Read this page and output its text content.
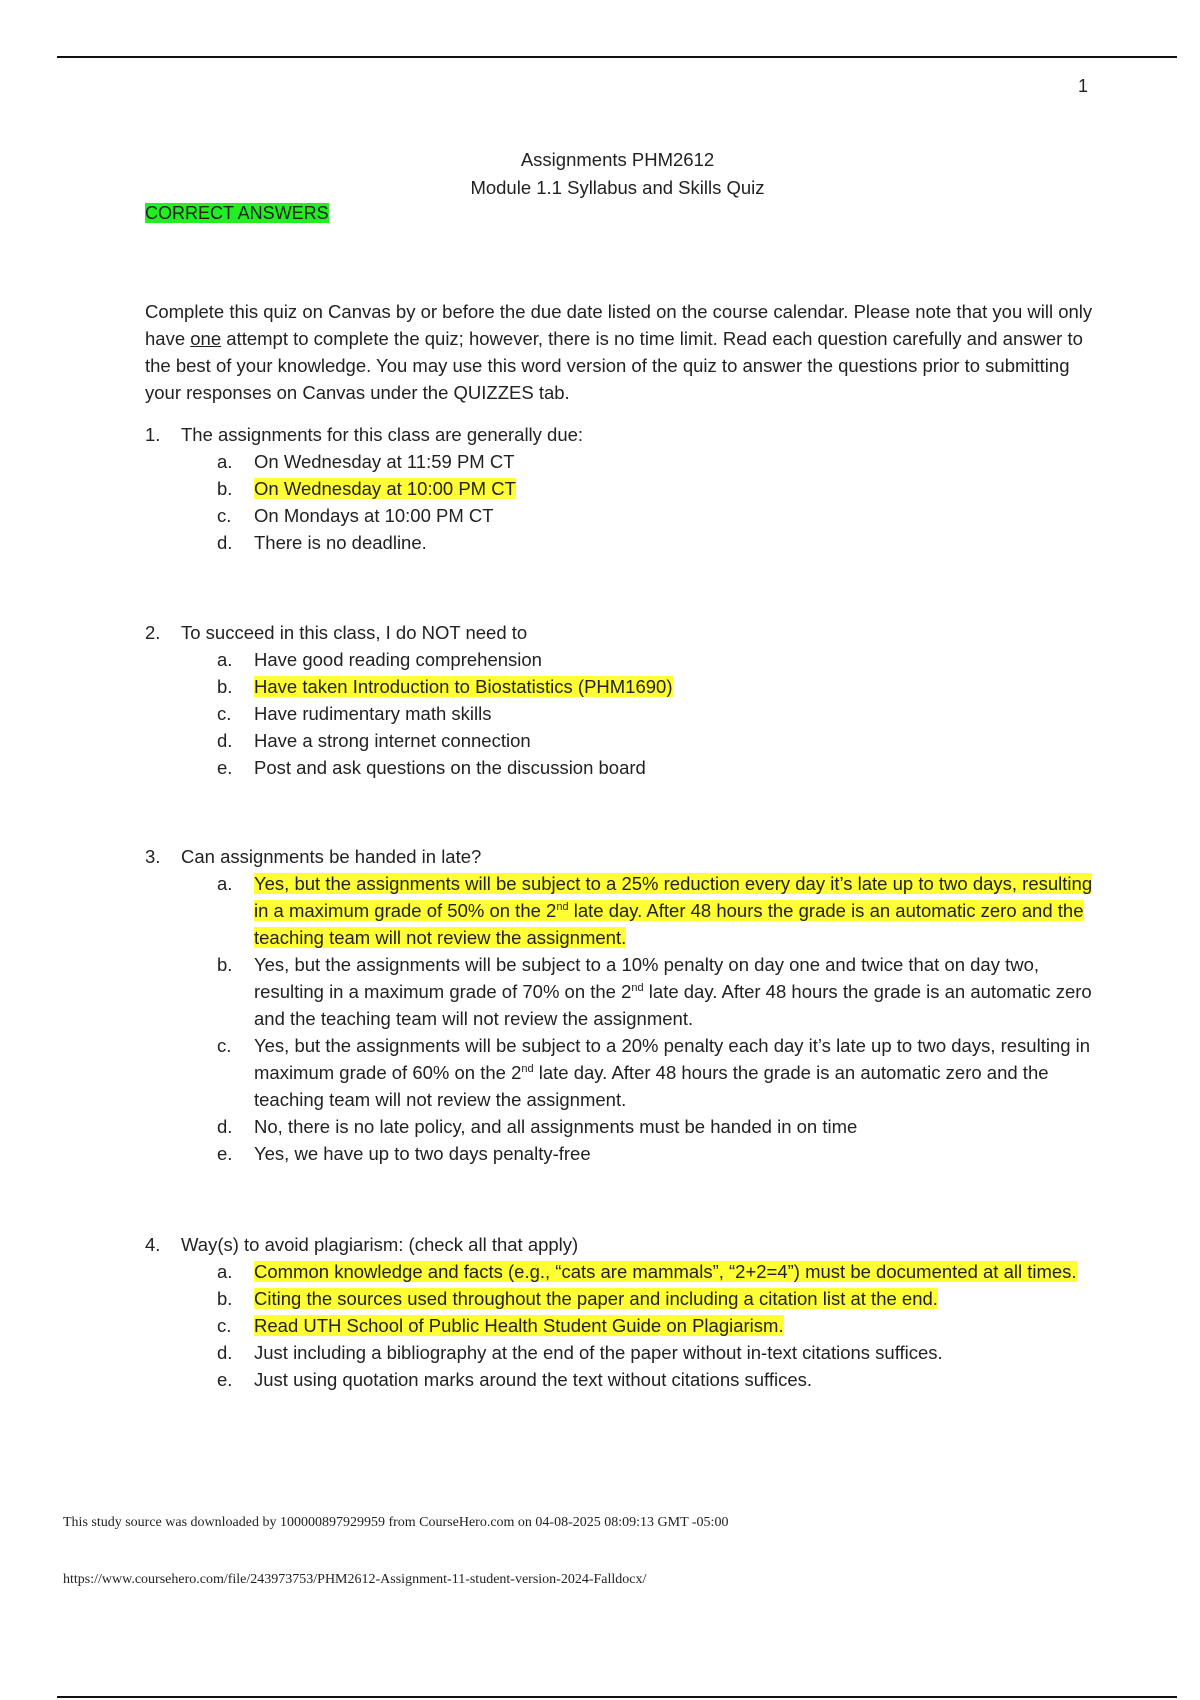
1
Assignments PHM2612
Module 1.1 Syllabus and Skills Quiz
CORRECT ANSWERS

Complete this quiz on Canvas by or before the due date listed on the course calendar. Please note that you will only have one attempt to complete the quiz; however, there is no time limit. Read each question carefully and answer to the best of your knowledge. You may use this word version of the quiz to answer the questions prior to submitting your responses on Canvas under the QUIZZES tab.

1. The assignments for this class are generally due:
a. On Wednesday at 11:59 PM CT
b. On Wednesday at 10:00 PM CT
c. On Mondays at 10:00 PM CT
d. There is no deadline.
2. To succeed in this class, I do NOT need to
a. Have good reading comprehension
b. Have taken Introduction to Biostatistics (PHM1690)
c. Have rudimentary math skills
d. Have a strong internet connection
e. Post and ask questions on the discussion board
3. Can assignments be handed in late?
a. Yes, but the assignments will be subject to a 25% reduction every day it’s late up to two days, resulting in a maximum grade of 50% on the 2nd late day. After 48 hours the grade is an automatic zero and the teaching team will not review the assignment.
b. Yes, but the assignments will be subject to a 10% penalty on day one and twice that on day two, resulting in a maximum grade of 70% on the 2nd late day. After 48 hours the grade is an automatic zero and the teaching team will not review the assignment.
c. Yes, but the assignments will be subject to a 20% penalty each day it’s late up to two days, resulting in maximum grade of 60% on the 2nd late day. After 48 hours the grade is an automatic zero and the teaching team will not review the assignment.
d. No, there is no late policy, and all assignments must be handed in on time
e. Yes, we have up to two days penalty-free
4. Way(s) to avoid plagiarism: (check all that apply)
a. Common knowledge and facts (e.g., “cats are mammals”, “2+2=4”) must be documented at all times.
b. Citing the sources used throughout the paper and including a citation list at the end.
c. Read UTH School of Public Health Student Guide on Plagiarism.
d. Just including a bibliography at the end of the paper without in-text citations suffices.
e. Just using quotation marks around the text without citations suffices.
This study source was downloaded by 100000897929959 from CourseHero.com on 04-08-2025 08:09:13 GMT -05:00
https://www.coursehero.com/file/243973753/PHM2612-Assignment-11-student-version-2024-Falldocx/
